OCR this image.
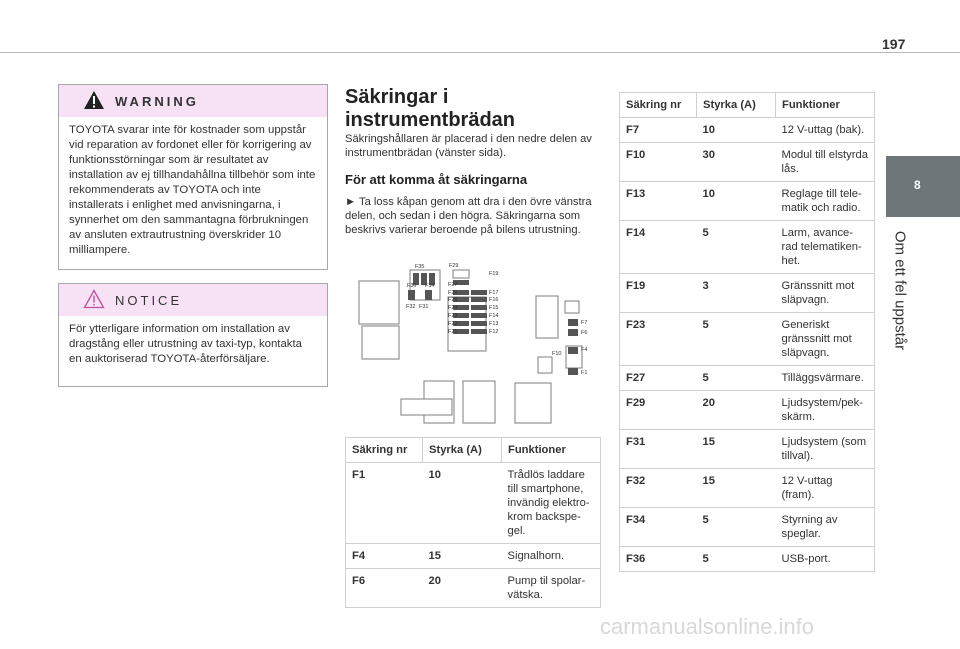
197
8
Om ett fel uppstår
WARNING
TOYOTA svarar inte för kostnader som uppstår vid reparation av fordonet eller för korrigering av funktionsstörningar som är resultatet av installation av ej tillhandahållna tillbehör som inte rekommenderats av TOYOTA och inte installerats i enlighet med anvisningarna, i synnerhet om den sammantagna förbrukningen av ansluten extrautrustning överskrider 10 milliampere.
NOTICE
För ytterligare information om installation av dragstång eller utrustning av taxi-typ, kontakta en auktoriserad TOYOTA-återförsäljare.
Säkringar i
instrumentbrädan
Säkringshållaren är placerad i den nedre delen av instrumentbrädan (vänster sida).
För att komma åt säkringarna
► Ta loss kåpan genom att dra i den övre vänstra delen, och sedan i den högra. Säkringarna som beskrivs varierar beroende på bilens utrustning.
F35	F29
F19
F36 F34 F27
F32 F31
F26	F17
F25	F16
F24	F15
F23	F14
F22	F13
F21	F12
F7
F6
F4
F10
F1
Säkring nr	Styrka (A)	Funktioner
F1	10	Trådlös laddare till smartphone, invändig elektro-krom backspe-gel.
F4	15	Signalhorn.
F6	20	Pump til spolar-vätska.
Säkring nr	Styrka (A)	Funktioner
F7	10	12 V-uttag (bak).
F10	30	Modul till elstyrda lås.
F13	10	Reglage till tele-matik och radio.
F14	5	Larm, avance-rad telematiken-het.
F19	3	Gränssnitt mot släpvagn.
F23	5	Generiskt gränssnitt mot släpvagn.
F27	5	Tilläggsvärmare.
F29	20	Ljudsystem/pek-skärm.
F31	15	Ljudsystem (som tillval).
F32	15	12 V-uttag (fram).
F34	5	Styrning av speglar.
F36	5	USB-port.
carmanualsonline.info
